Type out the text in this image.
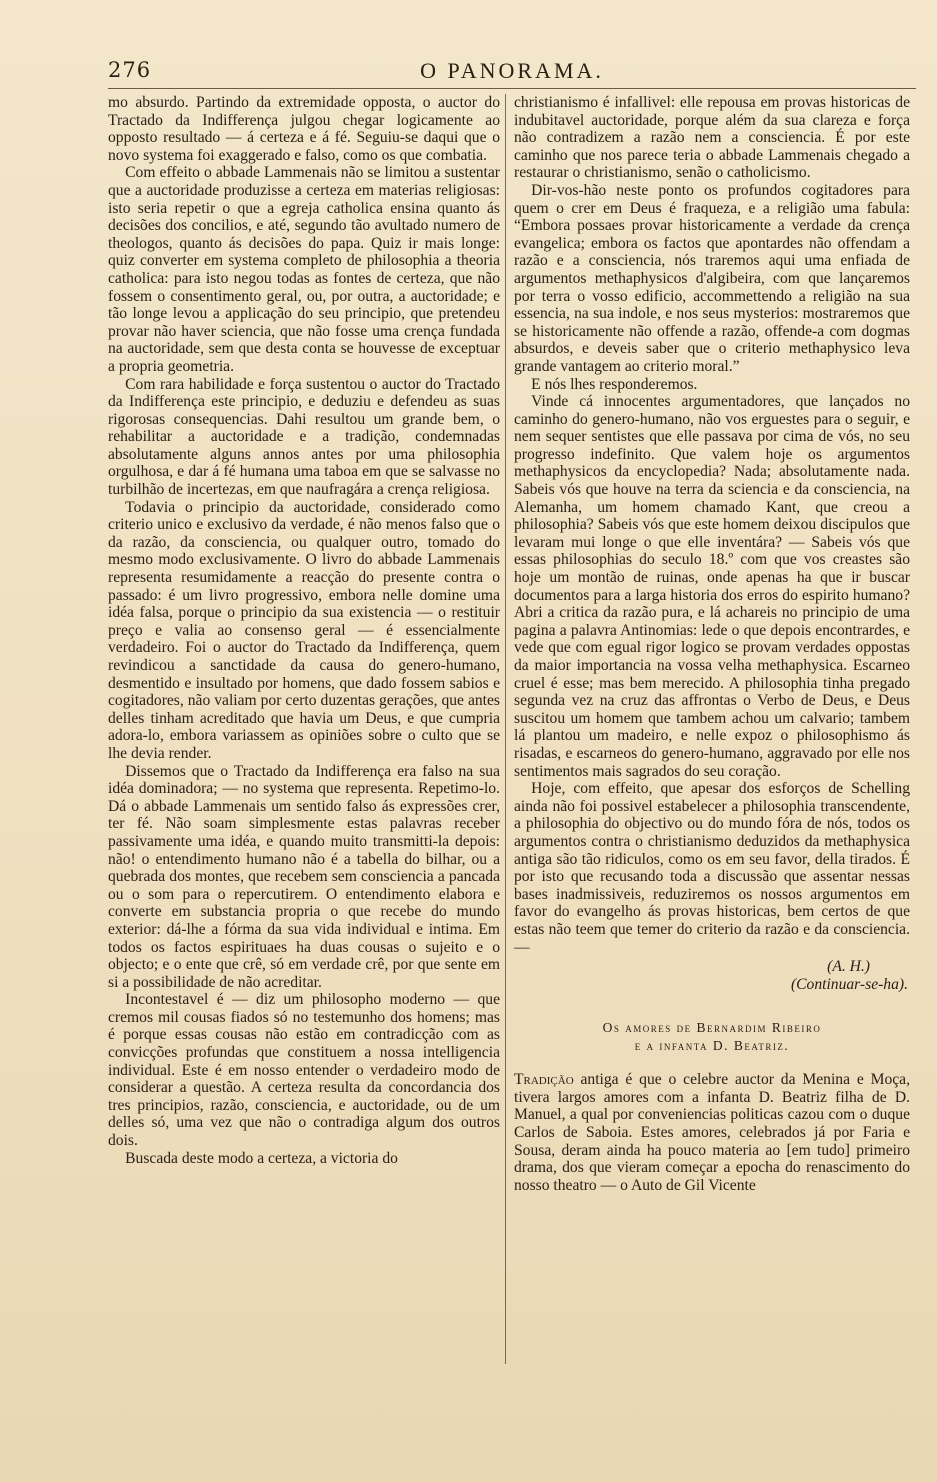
276	O PANORAMA.

mo absurdo. Partindo da extremidade opposta, o auctor do Tractado da Indifferença julgou chegar logicamente ao opposto resultado — á certeza e á fé. Seguiu-se daqui que o novo systema foi exaggerado e falso, como os que combatia.

Com effeito o abbade Lammenais não se limitou a sustentar que a auctoridade produzisse a certeza em materias religiosas: isto seria repetir o que a egreja catholica ensina quanto ás decisões dos concilios, e até, segundo tão avultado numero de theologos, quanto ás decisões do papa. Quiz ir mais longe: quiz converter em systema completo de philosophia a theoria catholica: para isto negou todas as fontes de certeza, que não fossem o consentimento geral, ou, por outra, a auctoridade; e tão longe levou a applicação do seu principio, que pretendeu provar não haver sciencia, que não fosse uma crença fundada na auctoridade, sem que desta conta se houvesse de exceptuar a propria geometria.

Com rara habilidade e força sustentou o auctor do Tractado da Indifferença este principio, e deduziu e defendeu as suas rigorosas consequencias. Dahi resultou um grande bem, o rehabilitar a auctoridade e a tradição, condemnadas absolutamente alguns annos antes por uma philosophia orgulhosa, e dar á fé humana uma taboa em que se salvasse no turbilhão de incertezas, em que naufragára a crença religiosa.

Todavia o principio da auctoridade, considerado como criterio unico e exclusivo da verdade, é não menos falso que o da razão, da consciencia, ou qualquer outro, tomado do mesmo modo exclusivamente. O livro do abbade Lammenais representa resumidamente a reacção do presente contra o passado: é um livro progressivo, embora nelle domine uma idéa falsa, porque o principio da sua existencia — o restituir preço e valia ao consenso geral — é essencialmente verdadeiro. Foi o auctor do Tractado da Indifferença, quem revindicou a sanctidade da causa do genero-humano, desmentido e insultado por homens, que dado fossem sabios e cogitadores, não valiam por certo duzentas gerações, que antes delles tinham acreditado que havia um Deus, e que cumpria adora-lo, embora variassem as opiniões sobre o culto que se lhe devia render.

Dissemos que o Tractado da Indifferença era falso na sua idéa dominadora; — no systema que representa. Repetimo-lo. Dá o abbade Lammenais um sentido falso ás expressões crer, ter fé. Não soam simplesmente estas palavras receber passivamente uma idéa, e quando muito transmitti-la depois: não! o entendimento humano não é a tabella do bilhar, ou a quebrada dos montes, que recebem sem consciencia a pancada ou o som para o repercutirem. O entendimento elabora e converte em substancia propria o que recebe do mundo exterior: dá-lhe a fórma da sua vida individual e intima. Em todos os factos espirituaes ha duas cousas o sujeito e o objecto; e o ente que crê, só em verdade crê, por que sente em si a possibilidade de não acreditar.

Incontestavel é — diz um philosopho moderno — que cremos mil cousas fiados só no testemunho dos homens; mas é porque essas cousas não estão em contradicção com as convicções profundas que constituem a nossa intelligencia individual. Este é em nosso entender o verdadeiro modo de considerar a questão. A certeza resulta da concordancia dos tres principios, razão, consciencia, e auctoridade, ou de um delles só, uma vez que não o contradiga algum dos outros dois.

Buscada deste modo a certeza, a victoria do

christianismo é infallivel: elle repousa em provas historicas de indubitavel auctoridade, porque além da sua clareza e força não contradizem a razão nem a consciencia. É por este caminho que nos parece teria o abbade Lammenais chegado a restaurar o christianismo, senão o catholicismo.

Dir-vos-hão neste ponto os profundos cogitadores para quem o crer em Deus é fraqueza, e a religião uma fabula: “Embora possaes provar historicamente a verdade da crença evangelica; embora os factos que apontardes não offendam a razão e a consciencia, nós traremos aqui uma enfiada de argumentos methaphysicos d'algibeira, com que lançaremos por terra o vosso edificio, accommettendo a religião na sua essencia, na sua indole, e nos seus mysterios: mostraremos que se historicamente não offende a razão, offende-a com dogmas absurdos, e deveis saber que o criterio methaphysico leva grande vantagem ao criterio moral.”

E nós lhes responderemos.

Vinde cá innocentes argumentadores, que lançados no caminho do genero-humano, não vos erguestes para o seguir, e nem sequer sentistes que elle passava por cima de vós, no seu progresso indefinito. Que valem hoje os argumentos methaphysicos da encyclopedia? Nada; absolutamente nada. Sabeis vós que houve na terra da sciencia e da consciencia, na Alemanha, um homem chamado Kant, que creou a philosophia? Sabeis vós que este homem deixou discipulos que levaram mui longe o que elle inventára? — Sabeis vós que essas philosophias do seculo 18.º com que vos creastes são hoje um montão de ruinas, onde apenas ha que ir buscar documentos para a larga historia dos erros do espirito humano? Abri a critica da razão pura, e lá achareis no principio de uma pagina a palavra Antinomias: lede o que depois encontrardes, e vede que com egual rigor logico se provam verdades oppostas da maior importancia na vossa velha methaphysica. Escarneo cruel é esse; mas bem merecido. A philosophia tinha pregado segunda vez na cruz das affrontas o Verbo de Deus, e Deus suscitou um homem que tambem achou um calvario; tambem lá plantou um madeiro, e nelle expoz o philosophismo ás risadas, e escarneos do genero-humano, aggravado por elle nos sentimentos mais sagrados do seu coração.

Hoje, com effeito, que apesar dos esforços de Schelling ainda não foi possivel estabelecer a philosophia transcendente, a philosophia do objectivo ou do mundo fóra de nós, todos os argumentos contra o christianismo deduzidos da methaphysica antiga são tão ridiculos, como os em seu favor, della tirados. É por isto que recusando toda a discussão que assentar nessas bases inadmissiveis, reduziremos os nossos argumentos em favor do evangelho ás provas historicas, bem certos de que estas não teem que temer do criterio da razão e da consciencia. —

(A. H.)
(Continuar-se-ha).
Os amores de Bernardim Ribeiro
e a infanta D. Beatriz.

Tradição antiga é que o celebre auctor da Menina e Moça, tivera largos amores com a infanta D. Beatriz filha de D. Manuel, a qual por conveniencias politicas cazou com o duque Carlos de Saboia. Estes amores, celebrados já por Faria e Sousa, deram ainda ha pouco materia ao [em tudo] primeiro drama, dos que vieram começar a epocha do renascimento do nosso theatro — o Auto de Gil Vicente
